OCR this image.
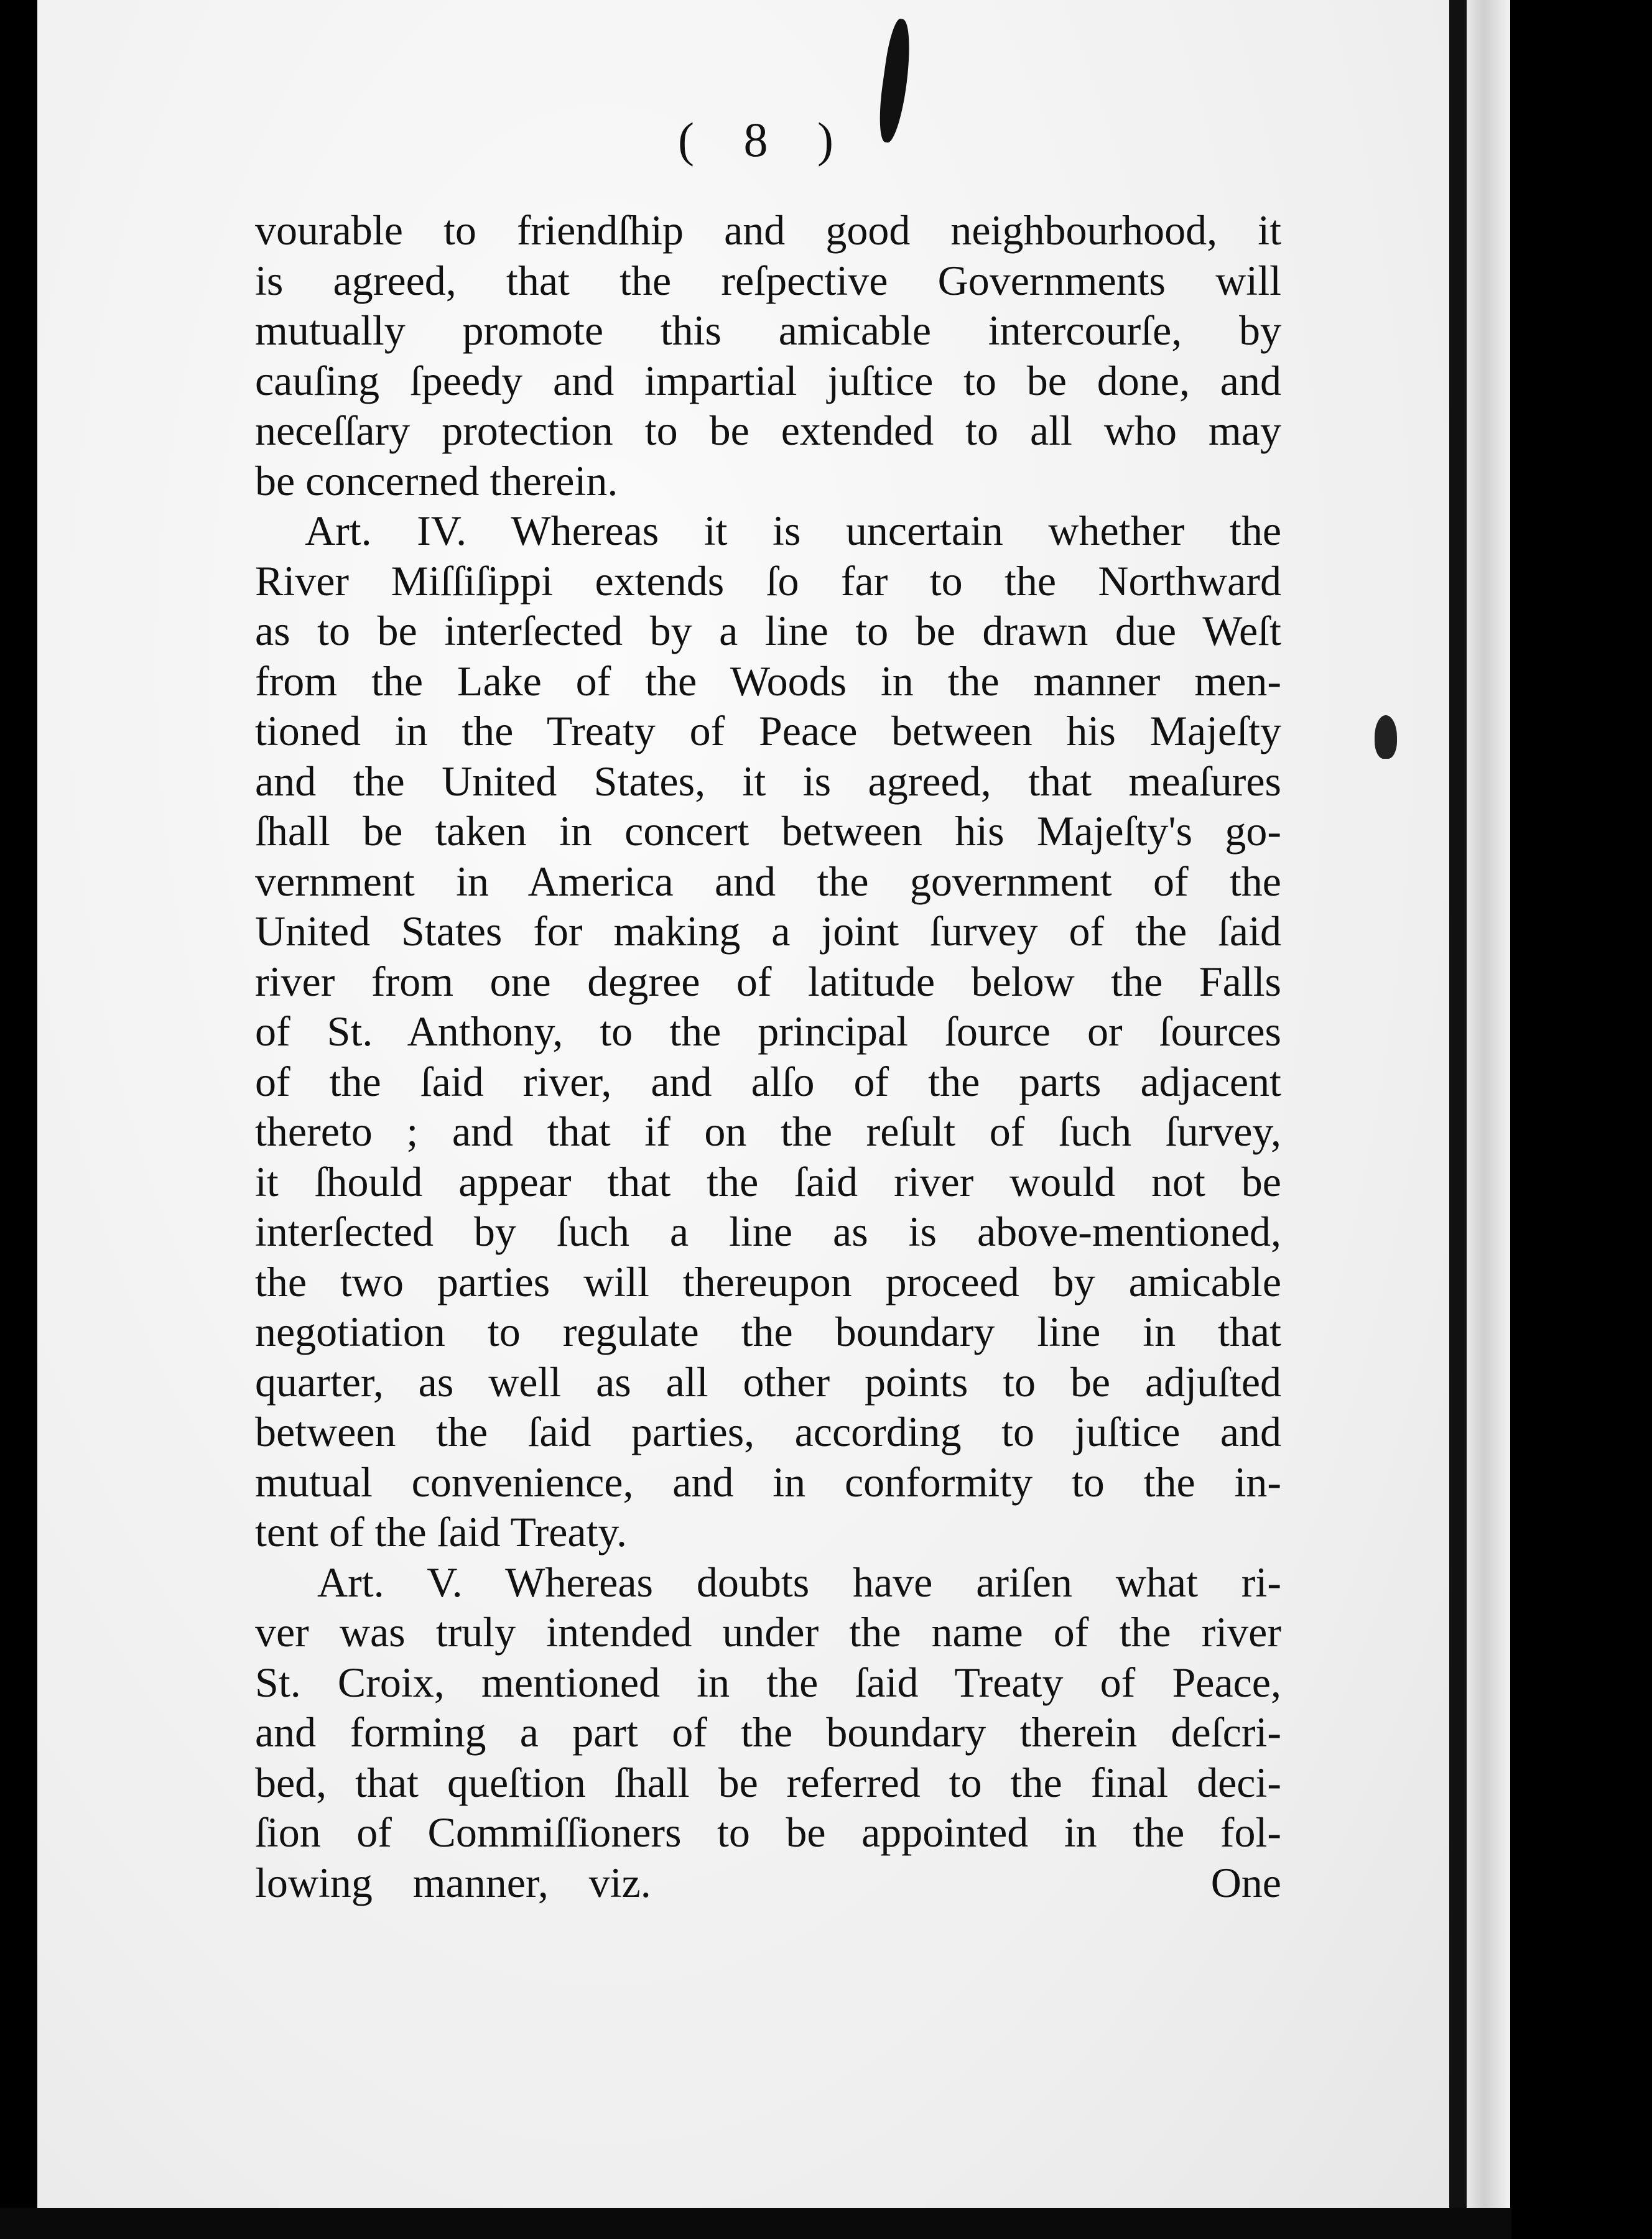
( 8 )
vourable to friendſhip and good neighbourhood, it
is agreed, that the reſpective Governments will
mutually promote this amicable intercourſe, by
cauſing ſpeedy and impartial juſtice to be done, and
neceſſary protection to be extended to all who may
be concerned therein.
Art. IV. Whereas it is uncertain whether the
River Miſſiſippi extends ſo far to the Northward
as to be interſected by a line to be drawn due Weſt
from the Lake of the Woods in the manner men-
tioned in the Treaty of Peace between his Majeſty
and the United States, it is agreed, that meaſures
ſhall be taken in concert between his Majeſty's go-
vernment in America and the government of the
United States for making a joint ſurvey of the ſaid
river from one degree of latitude below the Falls
of St. Anthony, to the principal ſource or ſources
of the ſaid river, and alſo of the parts adjacent
thereto ; and that if on the reſult of ſuch ſurvey,
it ſhould appear that the ſaid river would not be
interſected by ſuch a line as is above-mentioned,
the two parties will thereupon proceed by amicable
negotiation to regulate the boundary line in that
quarter, as well as all other points to be adjuſted
between the ſaid parties, according to juſtice and
mutual convenience, and in conformity to the in-
tent of the ſaid Treaty.
Art. V. Whereas doubts have ariſen what ri-
ver was truly intended under the name of the river
St. Croix, mentioned in the ſaid Treaty of Peace,
and forming a part of the boundary therein deſcri-
bed, that queſtion ſhall be referred to the final deci-
ſion of Commiſſioners to be appointed in the fol-
lowing manner, viz.	One
